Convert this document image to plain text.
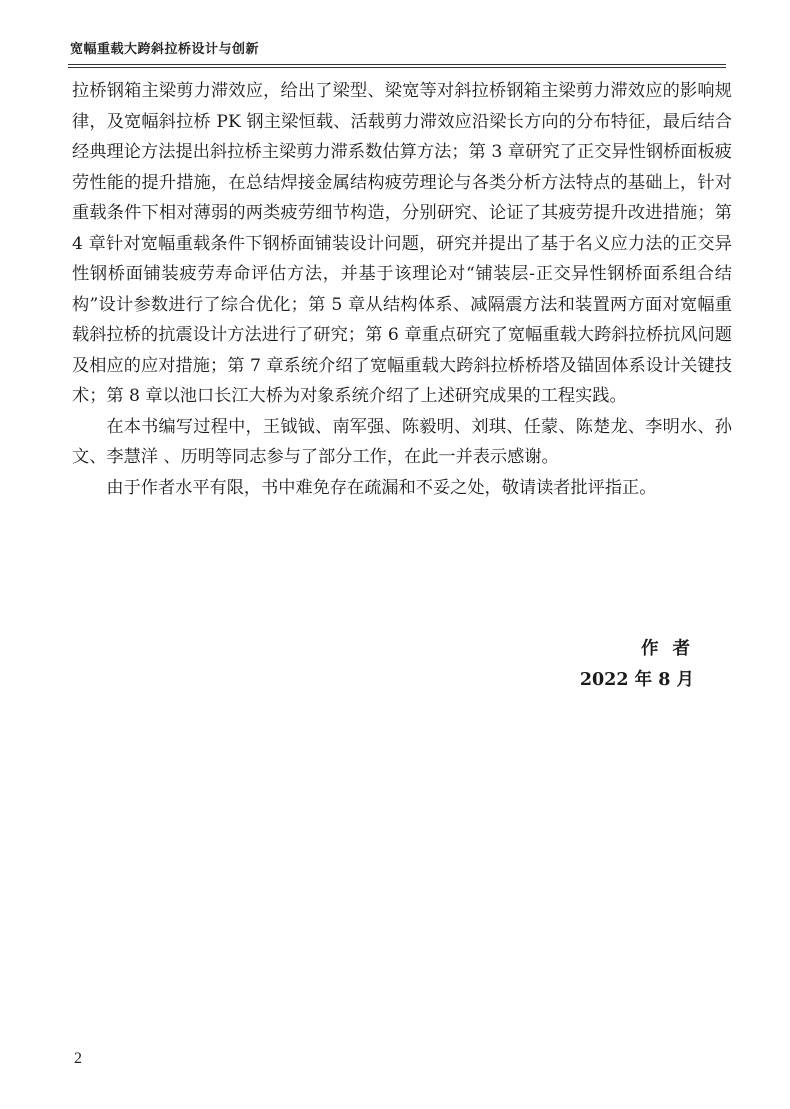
宽幅重载大跨斜拉桥设计与创新

拉桥钢箱主梁剪力滞效应，给出了梁型、梁宽等对斜拉桥钢箱主梁剪力滞效应的影响规律，及宽幅斜拉桥 PK 钢主梁恒载、活载剪力滞效应沿梁长方向的分布特征，最后结合经典理论方法提出斜拉桥主梁剪力滞系数估算方法；第 3 章研究了正交异性钢桥面板疲劳性能的提升措施，在总结焊接金属结构疲劳理论与各类分析方法特点的基础上，针对重载条件下相对薄弱的两类疲劳细节构造，分别研究、论证了其疲劳提升改进措施；第 4 章针对宽幅重载条件下钢桥面铺装设计问题，研究并提出了基于名义应力法的正交异性钢桥面铺装疲劳寿命评估方法，并基于该理论对“铺装层-正交异性钢桥面系组合结构”设计参数进行了综合优化；第 5 章从结构体系、减隔震方法和装置两方面对宽幅重载斜拉桥的抗震设计方法进行了研究；第 6 章重点研究了宽幅重载大跨斜拉桥抗风问题及相应的应对措施；第 7 章系统介绍了宽幅重载大跨斜拉桥桥塔及锚固体系设计关键技术；第 8 章以池口长江大桥为对象系统介绍了上述研究成果的工程实践。

在本书编写过程中，王钺钺、南军强、陈毅明、刘琪、任蒙、陈楚龙、李明水、孙文、李慧洋 、历明等同志参与了部分工作，在此一并表示感谢。

由于作者水平有限，书中难免存在疏漏和不妥之处，敬请读者批评指正。

作者
2022 年 8 月
2
